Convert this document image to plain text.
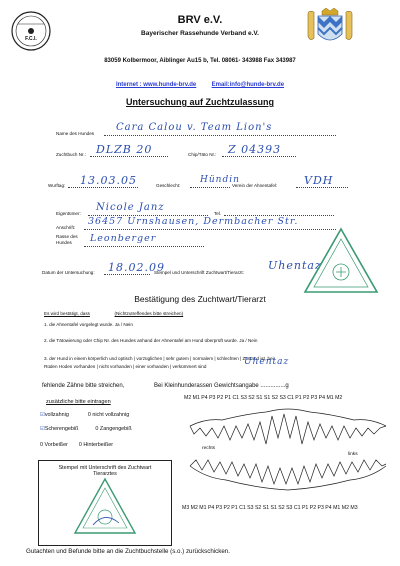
F.C.I.
BRV e.V.
Bayerischer Rassehunde Verband e.V.
83059 Kolbermoor, Aiblinger Au15 b, Tel. 08061- 343988 Fax 343987
Internet : www.hunde-brv.de	Email:info@hunde-brv.de
Untersuchung auf Zuchtzulassung
Name des Hundes
Cara Calou v. Team Lion's
Zuchtbuch Nr.: DLZB 20	Chip/Täto Nr.: Z 04393
Wurftag: 13.03.05	Geschlecht:
Hündin
Verein der Ahnentafel: VDH
Eigentümer:
Nicole Janz
Tel.
Anschrift:
36457 Urnshausen, Dermbacher Str.
Rasse des Hundes	Leonberger
Datum der Untersuchung: 18.02.09
Stempel und Unterschrift Zuchtwart/Tierarzt:
Uhentaz
Bestätigung des Zuchtwart/Tierarzt
Es wird bestätigt, dass	(Nichtzutreffendes bitte streichen)
1. die Ahnentafel vorgelegt wurde. Ja / Nein
2. die Tätowierung oder Chip Nr. des Hundes anhand der Ahnentafel am Hund überprüft wurde. Ja / Nein
3. der Hund in einem körperlich und optisch | vorzüglichen | sehr gutem | normalem | schlechten | Zustand ist, bei
Rüden Hoden vorhanden | nicht vorhanden | einer vorhanden | verkümmert sind	Uhentaz
fehlende Zähne bitte streichen,	Bei Kleinhunderassen Gewichtsangabe ...............g
zusätzliche bitte eintragen
☑vollzahnig	0 nicht vollzahnig
☑Scherengebiß	0 Zangengebiß
0 Vorbeißer 0 Hinterbeißer
M2 M1 P4 P3 P2 P1 C1 S3 S2 S1 S1 S2 S3 C1 P1 P2 P3 P4 M1 M2
rechts
links
M3 M2 M1 P4 P3 P2 P1 C1 S3 S2 S1 S1 S2 S3 C1 P1 P2 P3 P4 M1 M2 M3
Stempel mit Unterschrift des Zuchtwart
Tierarztes
Gutachten und Befunde bitte an die Zuchtbuchstelle (s.o.) zurückschicken.
